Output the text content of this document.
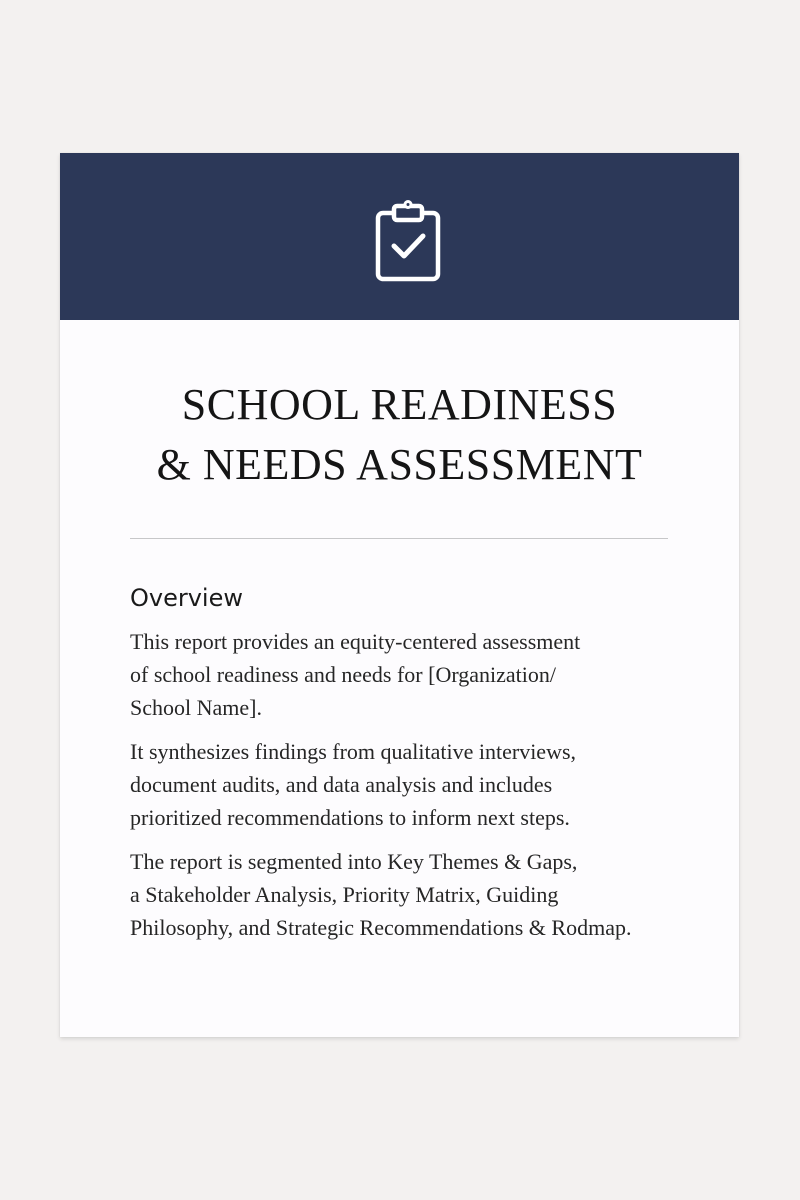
SCHOOL READINESS
& NEEDS ASSESSMENT
Overview
This report provides an equity-centered assessment
of school readiness and needs for [Organization/
School Name].
It synthesizes findings from qualitative interviews,
document audits, and data analysis and includes
prioritized recommendations to inform next steps.
The report is segmented into Key Themes & Gaps,
a Stakeholder Analysis, Priority Matrix, Guiding
Philosophy, and Strategic Recommendations & Rodmap.
